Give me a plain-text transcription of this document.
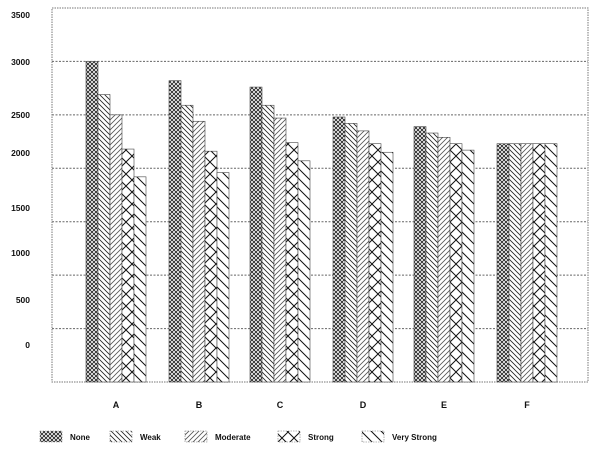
0
500
1000
1500
2000
2500
3000
3500
A	B	C	D	E	F
None	Weak	Moderate	Strong	Very Strong
